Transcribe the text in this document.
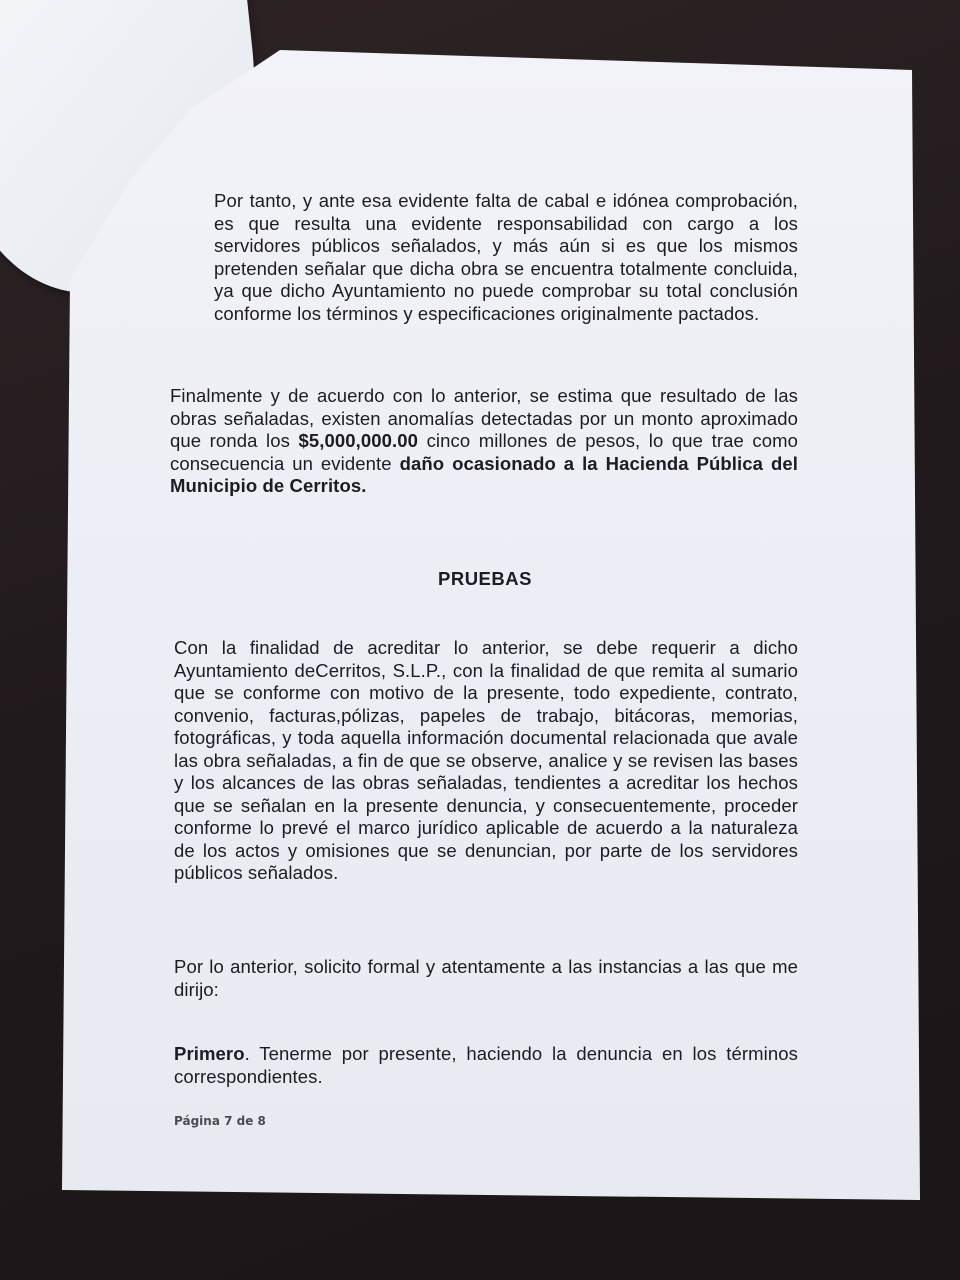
Por tanto, y ante esa evidente falta de cabal e idónea comprobación, es que resulta una evidente responsabilidad con cargo a los servidores públicos señalados, y más aún si es que los mismos pretenden señalar que dicha obra se encuentra totalmente concluida, ya que dicho Ayuntamiento no puede comprobar su total conclusión conforme los términos y especificaciones originalmente pactados.
Finalmente y de acuerdo con lo anterior, se estima que resultado de las obras señaladas, existen anomalías detectadas por un monto aproximado que ronda los $5,000,000.00 cinco millones de pesos, lo que trae como consecuencia un evidente daño ocasionado a la Hacienda Pública del Municipio de Cerritos.
PRUEBAS
Con la finalidad de acreditar lo anterior, se debe requerir a dicho Ayuntamiento deCerritos, S.L.P., con la finalidad de que remita al sumario que se conforme con motivo de la presente, todo expediente, contrato, convenio, facturas,pólizas, papeles de trabajo, bitácoras, memorias, fotográficas, y toda aquella información documental relacionada que avale las obra señaladas, a fin de que se observe, analice y se revisen las bases y los alcances de las obras señaladas, tendientes a acreditar los hechos que se señalan en la presente denuncia, y consecuentemente, proceder conforme lo prevé el marco jurídico aplicable de acuerdo a la naturaleza de los actos y omisiones que se denuncian, por parte de los servidores públicos señalados.
Por lo anterior, solicito formal y atentamente a las instancias a las que me dirijo:
Primero. Tenerme por presente, haciendo la denuncia en los términos correspondientes.
Página 7 de 8
